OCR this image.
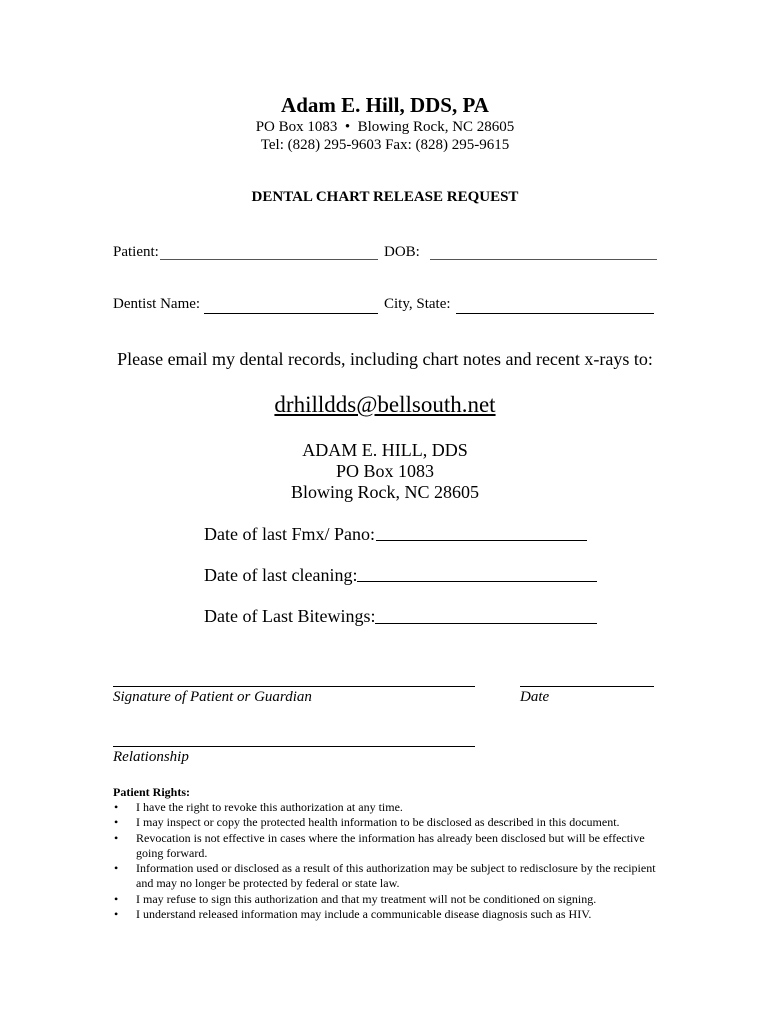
Adam E. Hill, DDS, PA
PO Box 1083  •  Blowing Rock, NC 28605
Tel: (828) 295-9603 Fax: (828) 295-9615
DENTAL CHART RELEASE REQUEST
Patient:	DOB:
Dentist Name:	City, State:
Please email my dental records, including chart notes and recent x-rays to:
drhilldds@bellsouth.net
ADAM E. HILL, DDS
PO Box 1083
Blowing Rock, NC 28605
Date of last Fmx/ Pano:
Date of last cleaning:
Date of Last Bitewings:
Signature of Patient or Guardian	Date
Relationship
Patient Rights:
• I have the right to revoke this authorization at any time.
• I may inspect or copy the protected health information to be disclosed as described in this document.
• Revocation is not effective in cases where the information has already been disclosed but will be effective going forward.
• Information used or disclosed as a result of this authorization may be subject to redisclosure by the recipient and may no longer be protected by federal or state law.
• I may refuse to sign this authorization and that my treatment will not be conditioned on signing.
• I understand released information may include a communicable disease diagnosis such as HIV.
